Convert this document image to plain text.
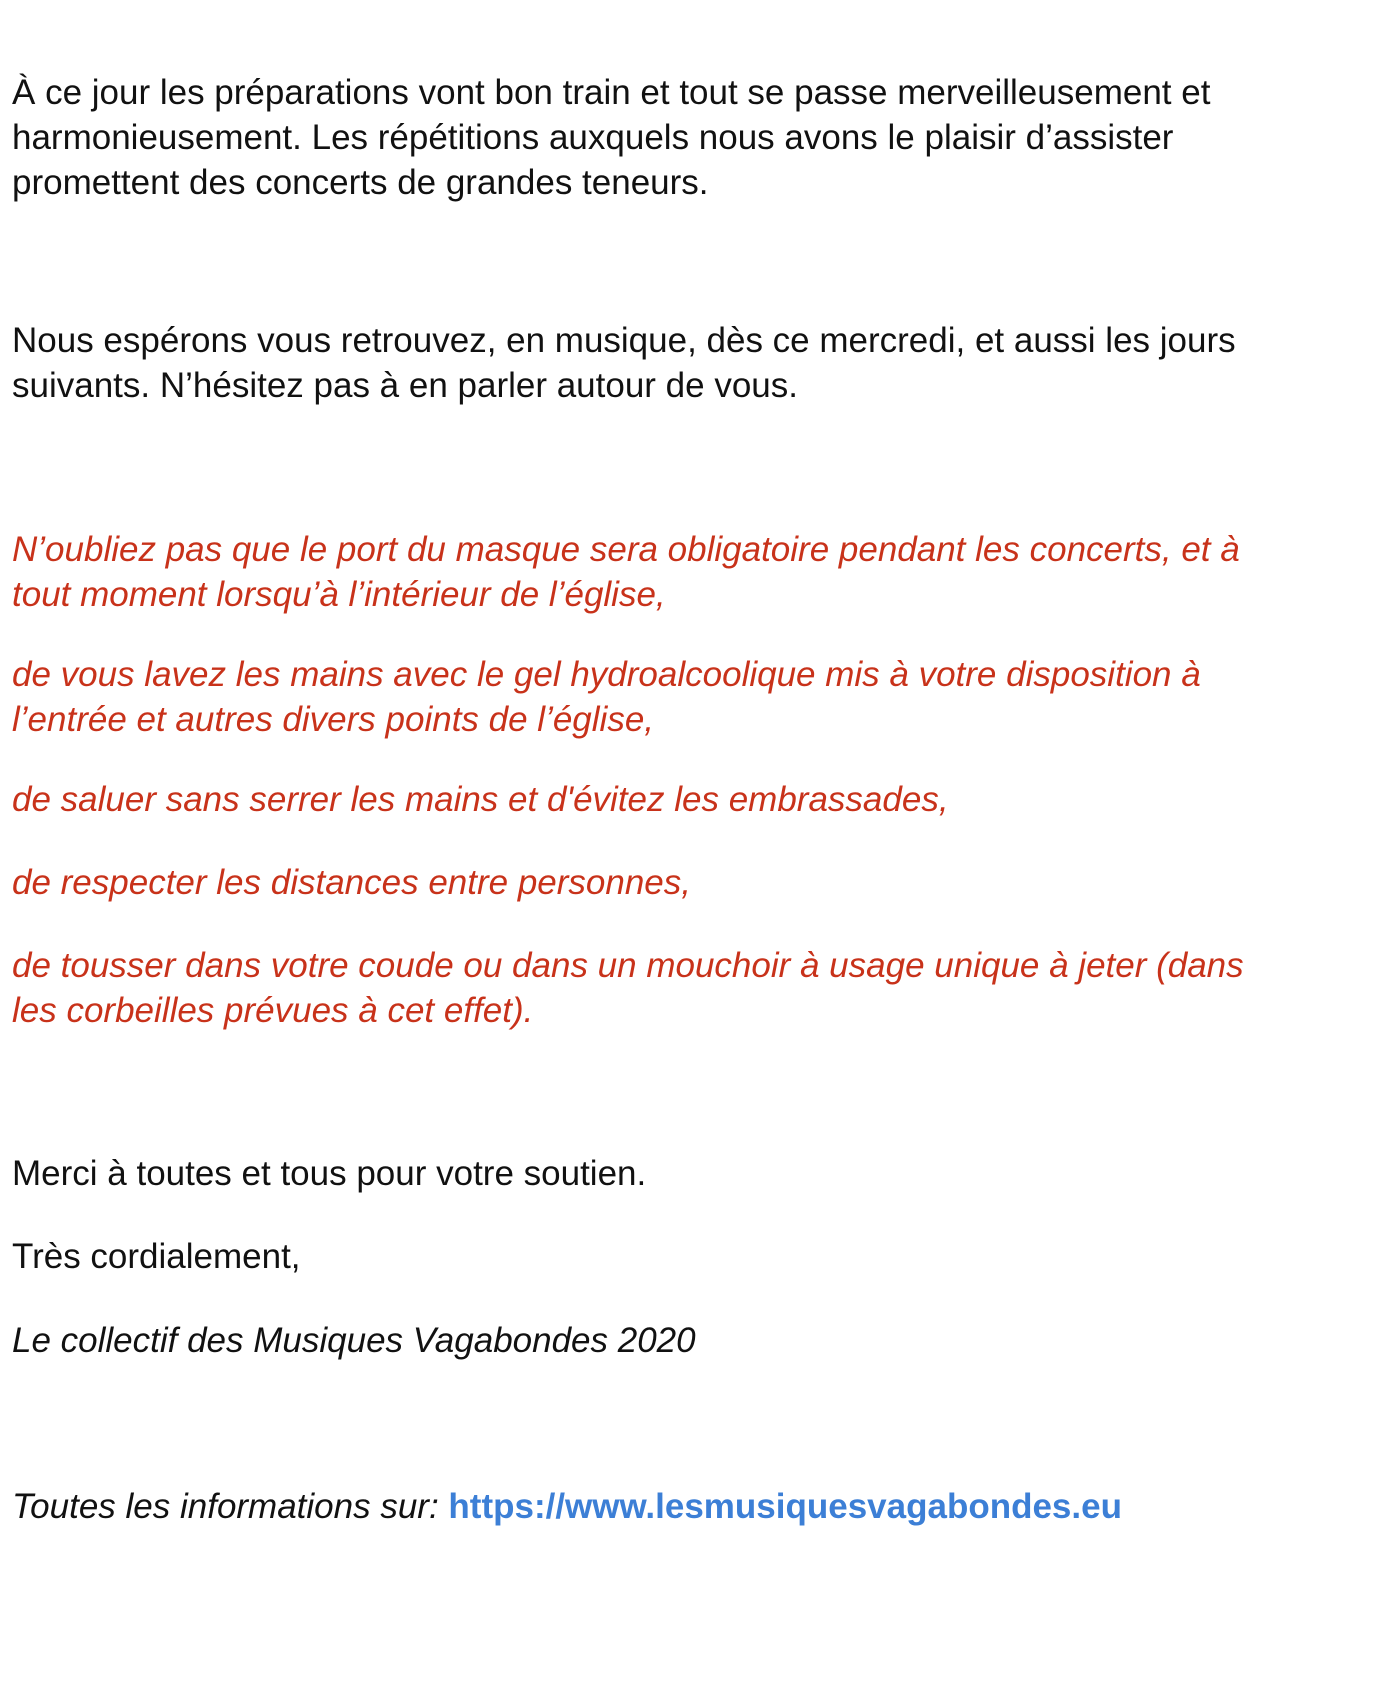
À ce jour les préparations vont bon train et tout se passe merveilleusement et
harmonieusement. Les répétitions auxquels nous avons le plaisir d’assister
promettent des concerts de grandes teneurs.

Nous espérons vous retrouvez, en musique, dès ce mercredi, et aussi les jours
suivants. N’hésitez pas à en parler autour de vous.

N’oubliez pas que le port du masque sera obligatoire pendant les concerts, et à
tout moment lorsqu’à l’intérieur de l’église,

de vous lavez les mains avec le gel hydroalcoolique mis à votre disposition à
l’entrée et autres divers points de l’église,

de saluer sans serrer les mains et d'évitez les embrassades,

de respecter les distances entre personnes,

de tousser dans votre coude ou dans un mouchoir à usage unique à jeter (dans
les corbeilles prévues à cet effet).

Merci à toutes et tous pour votre soutien.

Très cordialement,

Le collectif des Musiques Vagabondes 2020

Toutes les informations sur: https://www.lesmusiquesvagabondes.eu
